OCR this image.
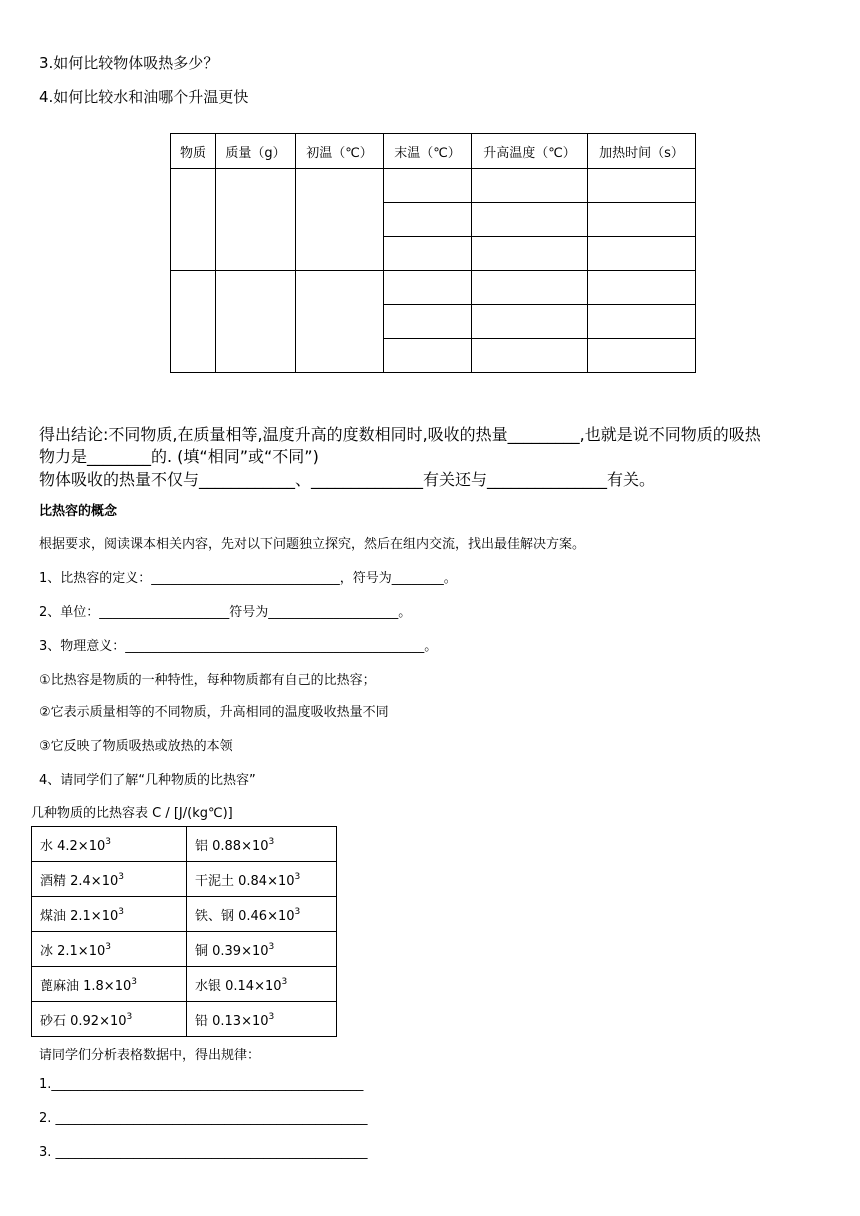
3.如何比较物体吸热多少？
4.如何比较水和油哪个升温更快
物质	质量（g）	初温（℃）	末温（℃）	升高温度（℃）	加热时间（s）

得出结论:不同物质,在质量相等,温度升高的度数相同时,吸收的热量_________,也就是说不同物质的吸热
物力是________的. (填“相同”或“不同”)
物体吸收的热量不仅与____________、______________有关还与_______________有关。
比热容的概念
根据要求，阅读课本相关内容，先对以下问题独立探究，然后在组内交流，找出最佳解决方案。
1、比热容的定义：_____________________________，符号为________。
2、单位：____________________符号为____________________。
3、物理意义：______________________________________________。
①比热容是物质的一种特性，每种物质都有自己的比热容；
②它表示质量相等的不同物质，升高相同的温度吸收热量不同
③它反映了物质吸热或放热的本领
4、请同学们了解“几种物质的比热容”
几种物质的比热容表 C / [J/(kg℃)]
水 $4.2\times 10^3$	铝 $0.88\times 10^3$
酒精 $2.4\times 10^3$	干泥土 $0.84\times 10^3$
煤油 $2.1\times 10^3$	铁、钢 $0.46\times 10^3$
冰 $2.1\times 10^3$	铜 $0.39\times 10^3$
蓖麻油 $1.8\times 10^3$	水银 $0.14\times 10^3$
砂石 $0.92\times 10^3$	铅 $0.13\times 10^3$
请同学们分析表格数据中，得出规律：
1.________________________________________________
2. ________________________________________________
3. ________________________________________________
